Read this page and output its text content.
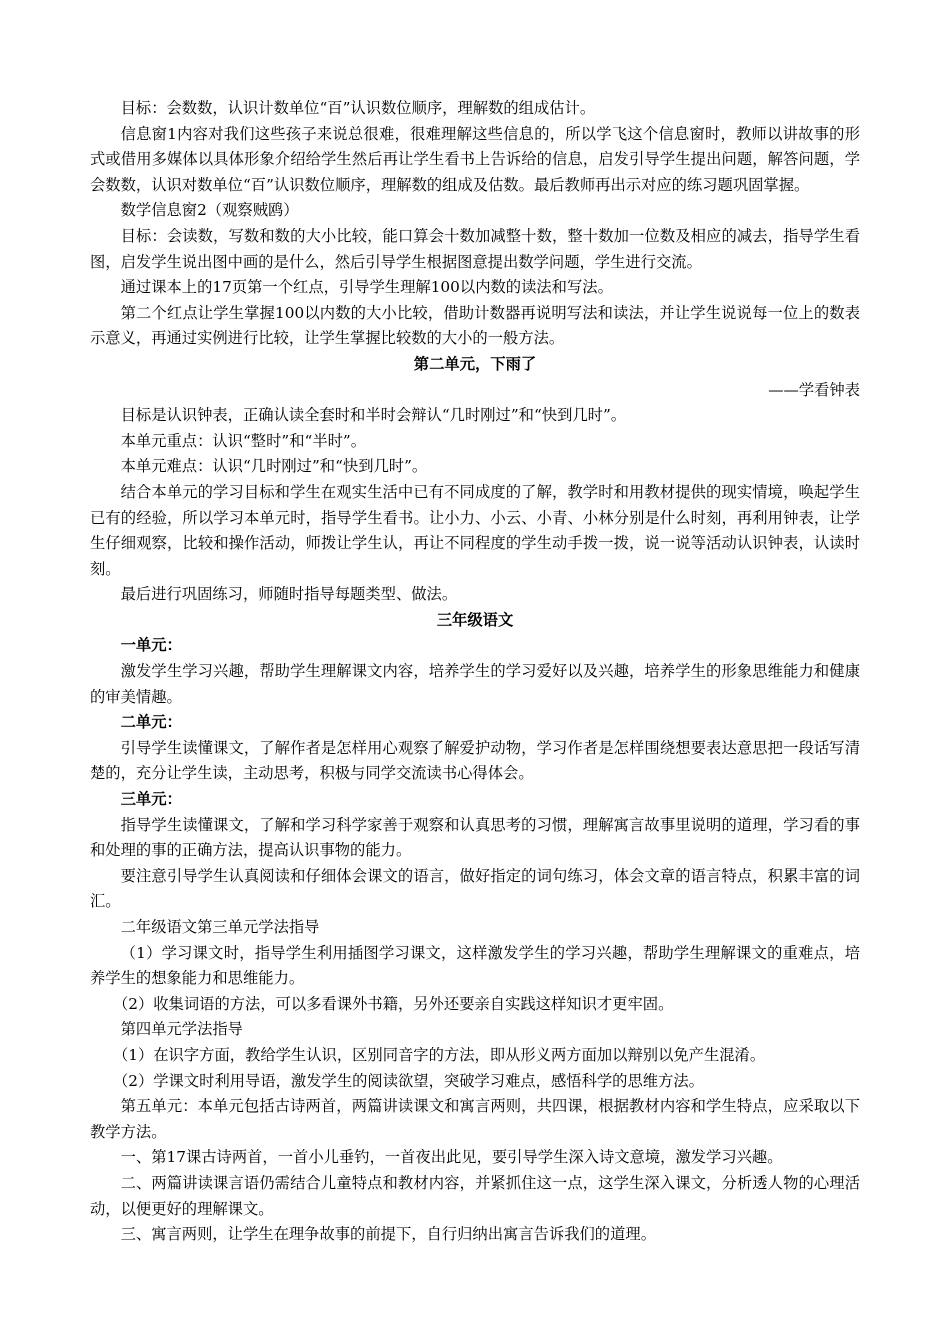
目标：会数数，认识计数单位“百”认识数位顺序，理解数的组成估计。

信息窗1内容对我们这些孩子来说总很难，很难理解这些信息的，所以学飞这个信息窗时，教师以讲故事的形式或借用多媒体以具体形象介绍给学生然后再让学生看书上告诉给的信息，启发引导学生提出问题，解答问题，学会数数，认识对数单位“百”认识数位顺序，理解数的组成及估数。最后教师再出示对应的练习题巩固掌握。

数学信息窗2（观察贼鸥）

目标：会读数，写数和数的大小比较，能口算会十数加减整十数，整十数加一位数及相应的减去，指导学生看图，启发学生说出图中画的是什么，然后引导学生根据图意提出数学问题，学生进行交流。

通过课本上的17页第一个红点，引导学生理解100以内数的读法和写法。

第二个红点让学生掌握100以内数的大小比较，借助计数器再说明写法和读法，并让学生说说每一位上的数表示意义，再通过实例进行比较，让学生掌握比较数的大小的一般方法。

第二单元，下雨了

——学看钟表

目标是认识钟表，正确认读全套时和半时会辩认“几时刚过”和“快到几时”。

本单元重点：认识“整时”和“半时”。

本单元难点：认识“几时刚过”和“快到几时”。

结合本单元的学习目标和学生在观实生活中已有不同成度的了解，教学时和用教材提供的现实情境，唤起学生已有的经验，所以学习本单元时，指导学生看书。让小力、小云、小青、小林分别是什么时刻，再利用钟表，让学生仔细观察，比较和操作活动，师拨让学生认，再让不同程度的学生动手拨一拨，说一说等活动认识钟表，认读时刻。

最后进行巩固练习，师随时指导每题类型、做法。

三年级语文

一单元：

激发学生学习兴趣，帮助学生理解课文内容，培养学生的学习爱好以及兴趣，培养学生的形象思维能力和健康的审美情趣。

二单元：

引导学生读懂课文，了解作者是怎样用心观察了解爱护动物，学习作者是怎样围绕想要表达意思把一段话写清楚的，充分让学生读，主动思考，积极与同学交流读书心得体会。

三单元：

指导学生读懂课文，了解和学习科学家善于观察和认真思考的习惯，理解寓言故事里说明的道理，学习看的事和处理的事的正确方法，提高认识事物的能力。

要注意引导学生认真阅读和仔细体会课文的语言，做好指定的词句练习，体会文章的语言特点，积累丰富的词汇。

二年级语文第三单元学法指导

（1）学习课文时，指导学生利用插图学习课文，这样激发学生的学习兴趣，帮助学生理解课文的重难点，培养学生的想象能力和思维能力。

（2）收集词语的方法，可以多看课外书籍，另外还要亲自实践这样知识才更牢固。

第四单元学法指导

（1）在识字方面，教给学生认识，区别同音字的方法，即从形义两方面加以辩别以免产生混淆。

（2）学课文时利用导语，激发学生的阅读欲望，突破学习难点，感悟科学的思维方法。

第五单元：本单元包括古诗两首，两篇讲读课文和寓言两则，共四课，根据教材内容和学生特点，应采取以下教学方法。

一、第17课古诗两首，一首小儿垂钓，一首夜出此见，要引导学生深入诗文意境，激发学习兴趣。

二、两篇讲读课言语仍需结合儿童特点和教材内容，并紧抓住这一点，这学生深入课文，分析透人物的心理活动，以便更好的理解课文。

三、寓言两则，让学生在理争故事的前提下，自行归纳出寓言告诉我们的道理。
